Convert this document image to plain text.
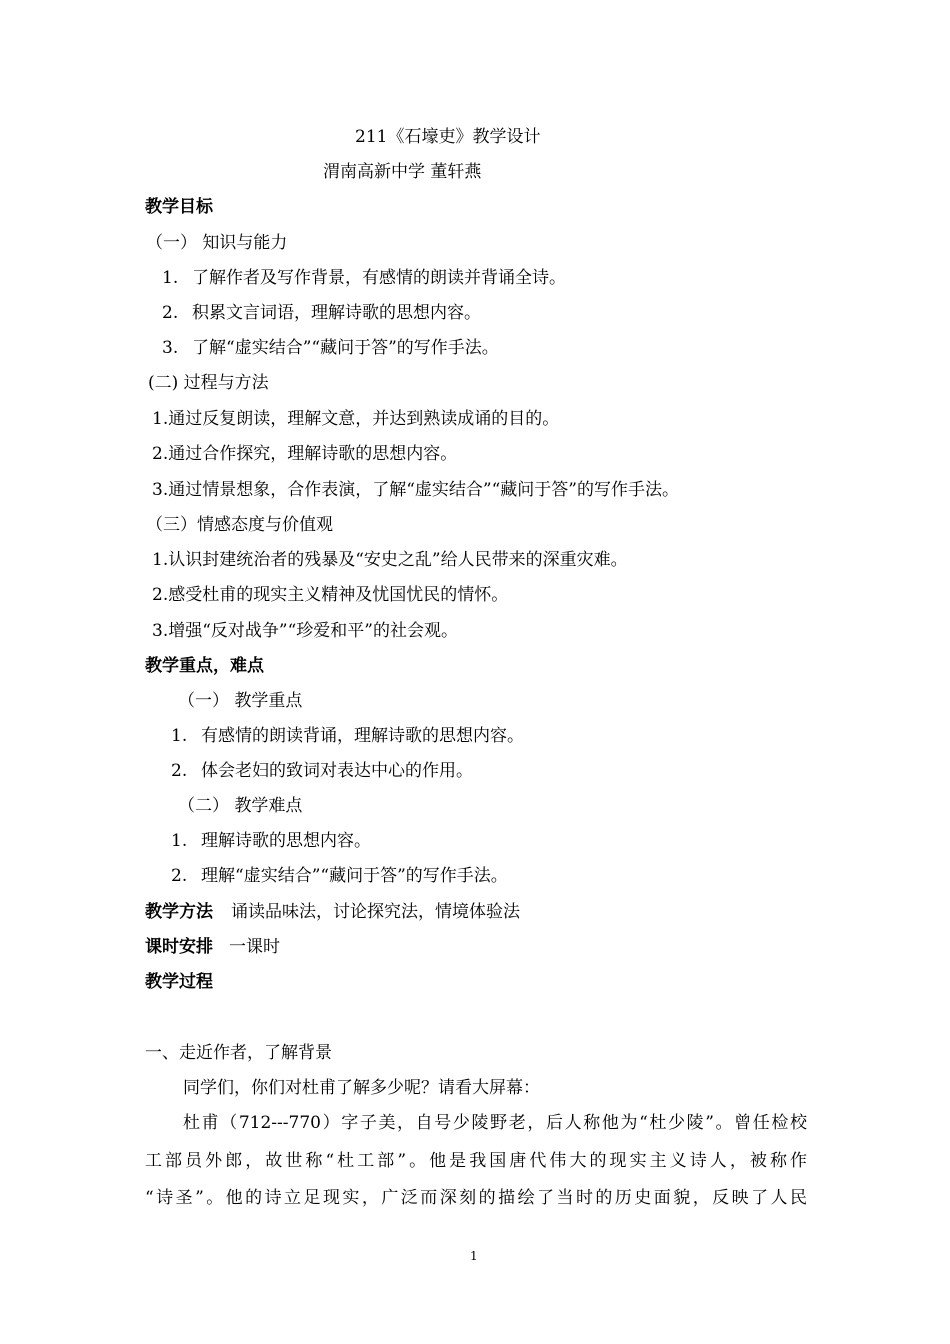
211《石壕吏》教学设计

渭南高新中学 董轩燕

教学目标

（一） 知识与能力

1. 了解作者及写作背景，有感情的朗读并背诵全诗。

2. 积累文言词语，理解诗歌的思想内容。

3. 了解“虚实结合”“藏问于答”的写作手法。

(二) 过程与方法

1.通过反复朗读，理解文意，并达到熟读成诵的目的。

2.通过合作探究，理解诗歌的思想内容。

3.通过情景想象，合作表演，了解“虚实结合”“藏问于答”的写作手法。

（三）情感态度与价值观

1.认识封建统治者的残暴及“安史之乱”给人民带来的深重灾难。

2.感受杜甫的现实主义精神及忧国忧民的情怀。

3.增强“反对战争”“珍爱和平”的社会观。

教学重点，难点

（一） 教学重点

1. 有感情的朗读背诵，理解诗歌的思想内容。

2. 体会老妇的致词对表达中心的作用。

（二） 教学难点

1. 理解诗歌的思想内容。

2. 理解“虚实结合”“藏问于答”的写作手法。

教学方法 诵读品味法，讨论探究法，情境体验法

课时安排 一课时

教学过程

一、走近作者，了解背景

同学们，你们对杜甫了解多少呢？请看大屏幕：

杜甫（712---770）字子美，自号少陵野老，后人称他为“杜少陵”。曾任检校

工部员外郎，故世称“杜工部”。他是我国唐代伟大的现实主义诗人，被称作

“诗圣”。他的诗立足现实，广泛而深刻的描绘了当时的历史面貌，反映了人民

1
